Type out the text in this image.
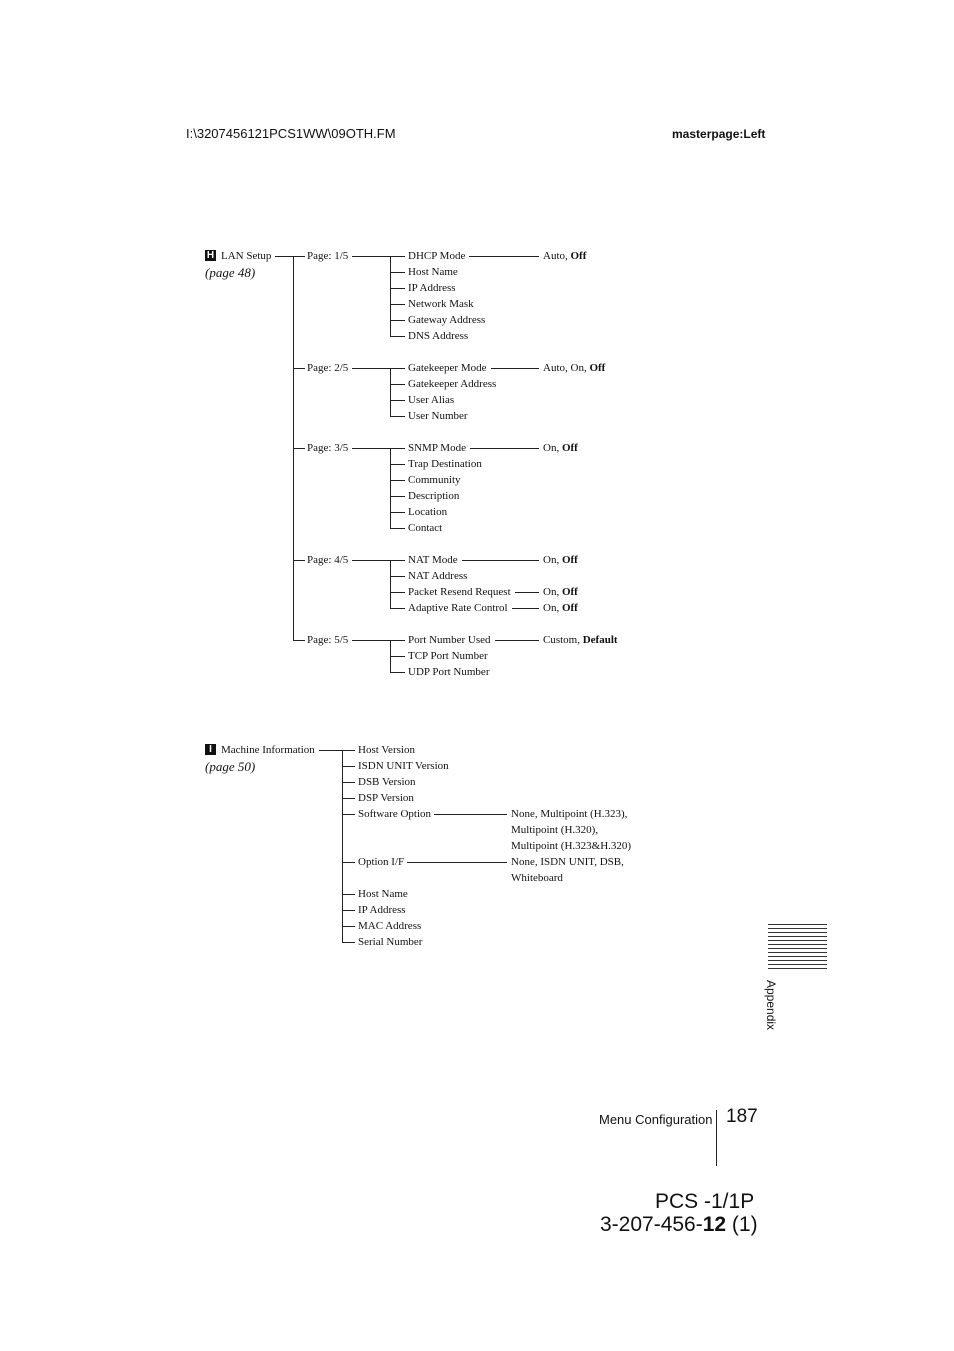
I:\3207456121PCS1WW\09OTH.FM	masterpage:Left
H LAN Setup
(page 48)
I Machine Information
(page 50)
Page: 1/5	DHCP Mode	Auto, Off
Host Name
IP Address
Network Mask
Gateway Address
DNS Address
Page: 2/5	Gatekeeper Mode	Auto, On, Off
Gatekeeper Address
User Alias
User Number
Page: 3/5	SNMP Mode	On, Off
Trap Destination
Community
Description
Location
Contact
Page: 4/5	NAT Mode	On, Off
NAT Address
Packet Resend Request	On, Off
Adaptive Rate Control	On, Off
Page: 5/5	Port Number Used	Custom, Default
TCP Port Number
UDP Port Number
Host Version
ISDN UNIT Version
DSB Version
DSP Version
Software Option	None, Multipoint (H.323),
Multipoint (H.320),
Multipoint (H.323&H.320)
Option I/F	None, ISDN UNIT, DSB,
Whiteboard
Host Name
IP Address
MAC Address
Serial Number
Appendix
Menu Configuration 187
PCS -1/1P
3-207-456-12 (1)
